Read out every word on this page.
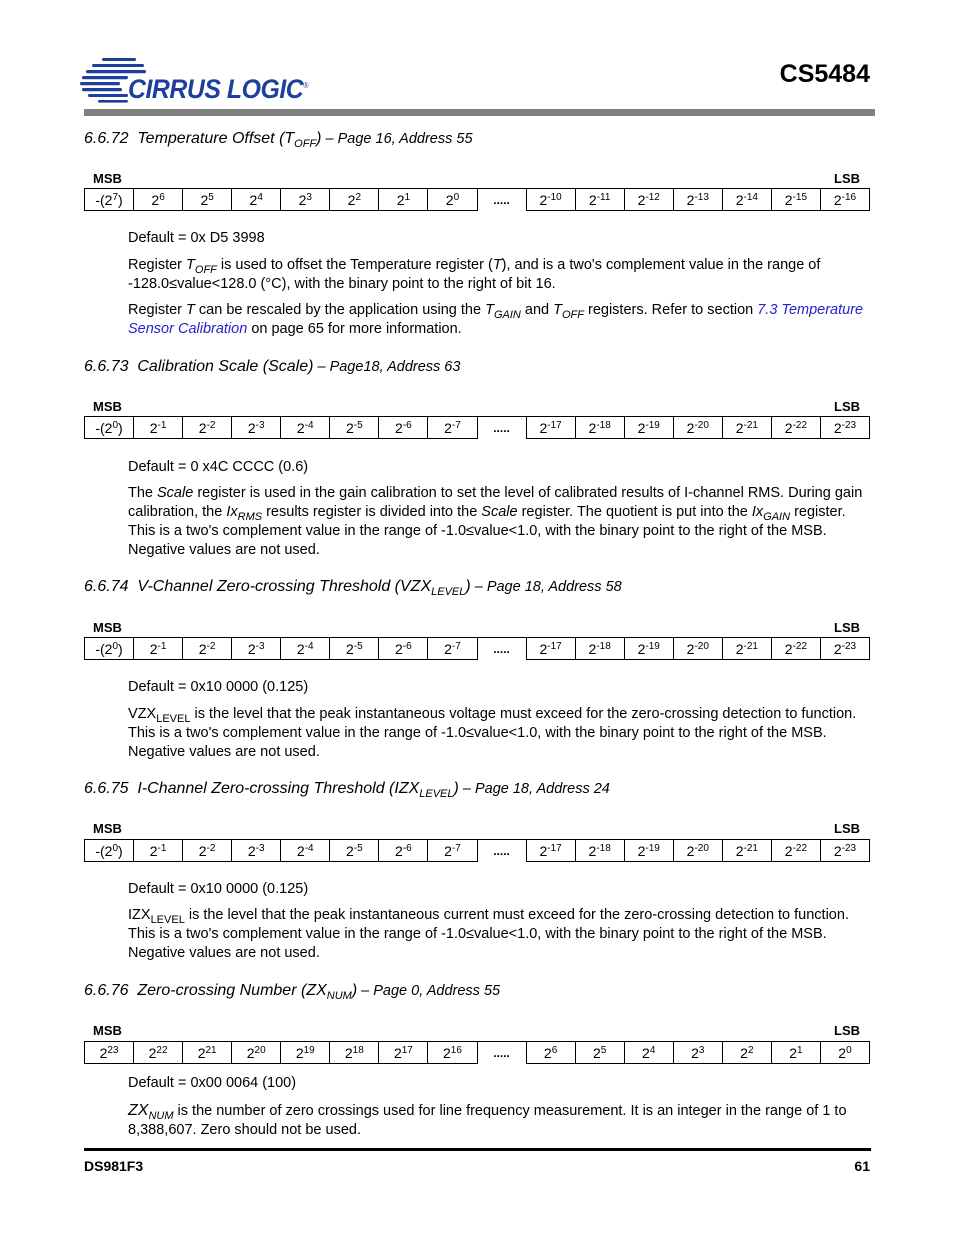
CIRRUS LOGIC®	CS5484
6.6.72 Temperature Offset $(T_{OFF})$ – Page 16, Address 55
MSB	LSB
$-(2^7)$	$2^6$	$2^5$	$2^4$	$2^3$	$2^2$	$2^1$	$2^0$	.....	$2^{-10}$	$2^{-11}$	$2^{-12}$	$2^{-13}$	$2^{-14}$	$2^{-15}$	$2^{-16}$
Default = 0x D5 3998
Register $T_{OFF}$ is used to offset the Temperature register (T), and is a two's complement value in the range of -128.0≤value<128.0 (°C), with the binary point to the right of bit 16.
Register T can be rescaled by the application using the $T_{GAIN}$ and $T_{OFF}$ registers. Refer to section 7.3 Temperature Sensor Calibration on page 65 for more information.
6.6.73 Calibration Scale (Scale) – Page18, Address 63
MSB	LSB
$-(2^0)$	$2^{-1}$	$2^{-2}$	$2^{-3}$	$2^{-4}$	$2^{-5}$	$2^{-6}$	$2^{-7}$	.....	$2^{-17}$	$2^{-18}$	$2^{-19}$	$2^{-20}$	$2^{-21}$	$2^{-22}$	$2^{-23}$
Default = 0 x4C CCCC (0.6)
The Scale register is used in the gain calibration to set the level of calibrated results of I-channel RMS. During gain calibration, the $Ix_{RMS}$ results register is divided into the Scale register. The quotient is put into the $Ix_{GAIN}$ register. This is a two's complement value in the range of -1.0≤value<1.0, with the binary point to the right of the MSB. Negative values are not used.
6.6.74 V-Channel Zero-crossing Threshold $(VZX_{LEVEL})$ – Page 18, Address 58
MSB	LSB
$-(2^0)$	$2^{-1}$	$2^{-2}$	$2^{-3}$	$2^{-4}$	$2^{-5}$	$2^{-6}$	$2^{-7}$	.....	$2^{-17}$	$2^{-18}$	$2^{-19}$	$2^{-20}$	$2^{-21}$	$2^{-22}$	$2^{-23}$
Default = 0x10 0000 (0.125)
$VZX_{LEVEL}$ is the level that the peak instantaneous voltage must exceed for the zero-crossing detection to function. This is a two's complement value in the range of -1.0≤value<1.0, with the binary point to the right of the MSB. Negative values are not used.
6.6.75 I-Channel Zero-crossing Threshold $(IZX_{LEVEL})$ – Page 18, Address 24
MSB	LSB
$-(2^0)$	$2^{-1}$	$2^{-2}$	$2^{-3}$	$2^{-4}$	$2^{-5}$	$2^{-6}$	$2^{-7}$	.....	$2^{-17}$	$2^{-18}$	$2^{-19}$	$2^{-20}$	$2^{-21}$	$2^{-22}$	$2^{-23}$
Default = 0x10 0000 (0.125)
$IZX_{LEVEL}$ is the level that the peak instantaneous current must exceed for the zero-crossing detection to function. This is a two's complement value in the range of -1.0≤value<1.0, with the binary point to the right of the MSB. Negative values are not used.
6.6.76 Zero-crossing Number $(ZX_{NUM})$ – Page 0, Address 55
MSB	LSB
$2^{23}$	$2^{22}$	$2^{21}$	$2^{20}$	$2^{19}$	$2^{18}$	$2^{17}$	$2^{16}$	.....	$2^6$	$2^5$	$2^4$	$2^3$	$2^2$	$2^1$	$2^0$
Default = 0x00 0064 (100)
$ZX_{NUM}$ is the number of zero crossings used for line frequency measurement. It is an integer in the range of 1 to 8,388,607. Zero should not be used.
DS981F3	61
